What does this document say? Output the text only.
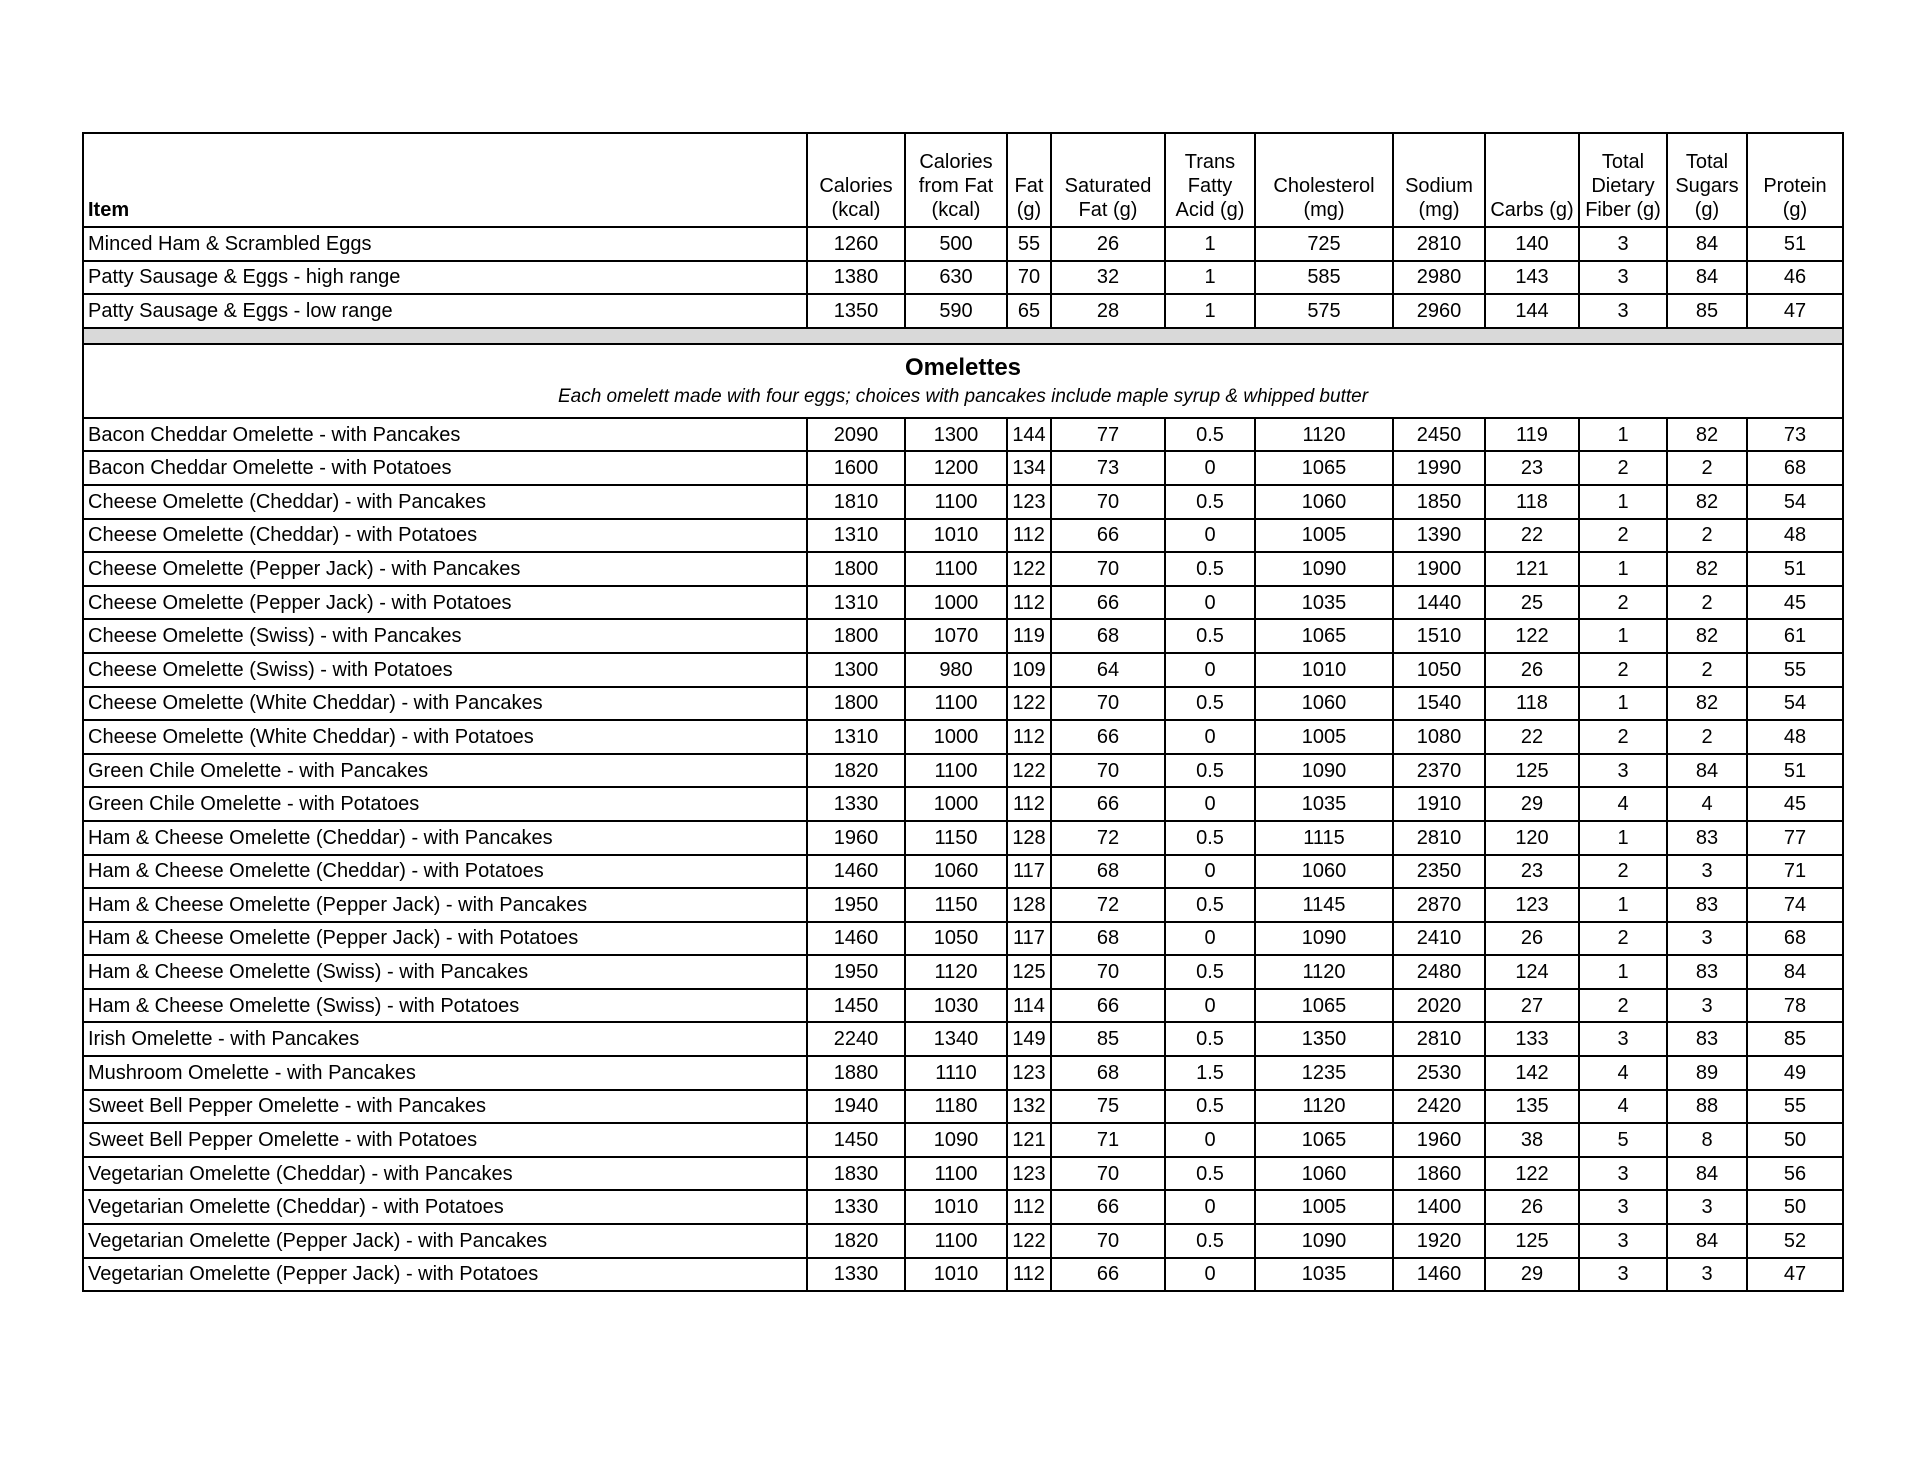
Item	Calories (kcal)	Calories from Fat (kcal)	Fat (g)	Saturated Fat (g)	Trans Fatty Acid (g)	Cholesterol (mg)	Sodium (mg)	Carbs (g)	Total Dietary Fiber (g)	Total Sugars (g)	Protein (g)
Minced Ham & Scrambled Eggs	1260	500	55	26	1	725	2810	140	3	84	51
Patty Sausage & Eggs - high range	1380	630	70	32	1	585	2980	143	3	84	46
Patty Sausage & Eggs - low range	1350	590	65	28	1	575	2960	144	3	85	47

Omelettes
Each omelett made with four eggs; choices with pancakes include maple syrup & whipped butter											

Bacon Cheddar Omelette - with Pancakes	2090	1300	144	77	0.5	1120	2450	119	1	82	73
Bacon Cheddar Omelette - with Potatoes	1600	1200	134	73	0	1065	1990	23	2	2	68
Cheese Omelette (Cheddar) - with Pancakes	1810	1100	123	70	0.5	1060	1850	118	1	82	54
Cheese Omelette (Cheddar) - with Potatoes	1310	1010	112	66	0	1005	1390	22	2	2	48
Cheese Omelette (Pepper Jack) - with Pancakes	1800	1100	122	70	0.5	1090	1900	121	1	82	51
Cheese Omelette (Pepper Jack) - with Potatoes	1310	1000	112	66	0	1035	1440	25	2	2	45
Cheese Omelette (Swiss) - with Pancakes	1800	1070	119	68	0.5	1065	1510	122	1	82	61
Cheese Omelette (Swiss) - with Potatoes	1300	980	109	64	0	1010	1050	26	2	2	55
Cheese Omelette (White Cheddar) - with Pancakes	1800	1100	122	70	0.5	1060	1540	118	1	82	54
Cheese Omelette (White Cheddar) - with Potatoes	1310	1000	112	66	0	1005	1080	22	2	2	48
Green Chile Omelette - with Pancakes	1820	1100	122	70	0.5	1090	2370	125	3	84	51
Green Chile Omelette - with Potatoes	1330	1000	112	66	0	1035	1910	29	4	4	45
Ham & Cheese Omelette (Cheddar) - with Pancakes	1960	1150	128	72	0.5	1115	2810	120	1	83	77
Ham & Cheese Omelette (Cheddar) - with Potatoes	1460	1060	117	68	0	1060	2350	23	2	3	71
Ham & Cheese Omelette (Pepper Jack) - with Pancakes	1950	1150	128	72	0.5	1145	2870	123	1	83	74
Ham & Cheese Omelette (Pepper Jack) - with Potatoes	1460	1050	117	68	0	1090	2410	26	2	3	68
Ham & Cheese Omelette (Swiss) - with Pancakes	1950	1120	125	70	0.5	1120	2480	124	1	83	84
Ham & Cheese Omelette (Swiss) - with Potatoes	1450	1030	114	66	0	1065	2020	27	2	3	78
Irish Omelette - with Pancakes	2240	1340	149	85	0.5	1350	2810	133	3	83	85
Mushroom Omelette - with Pancakes	1880	1110	123	68	1.5	1235	2530	142	4	89	49
Sweet Bell Pepper Omelette - with Pancakes	1940	1180	132	75	0.5	1120	2420	135	4	88	55
Sweet Bell Pepper Omelette - with Potatoes	1450	1090	121	71	0	1065	1960	38	5	8	50
Vegetarian Omelette (Cheddar) - with Pancakes	1830	1100	123	70	0.5	1060	1860	122	3	84	56
Vegetarian Omelette (Cheddar) - with Potatoes	1330	1010	112	66	0	1005	1400	26	3	3	50
Vegetarian Omelette (Pepper Jack) - with Pancakes	1820	1100	122	70	0.5	1090	1920	125	3	84	52
Vegetarian Omelette (Pepper Jack) - with Potatoes	1330	1010	112	66	0	1035	1460	29	3	3	47
